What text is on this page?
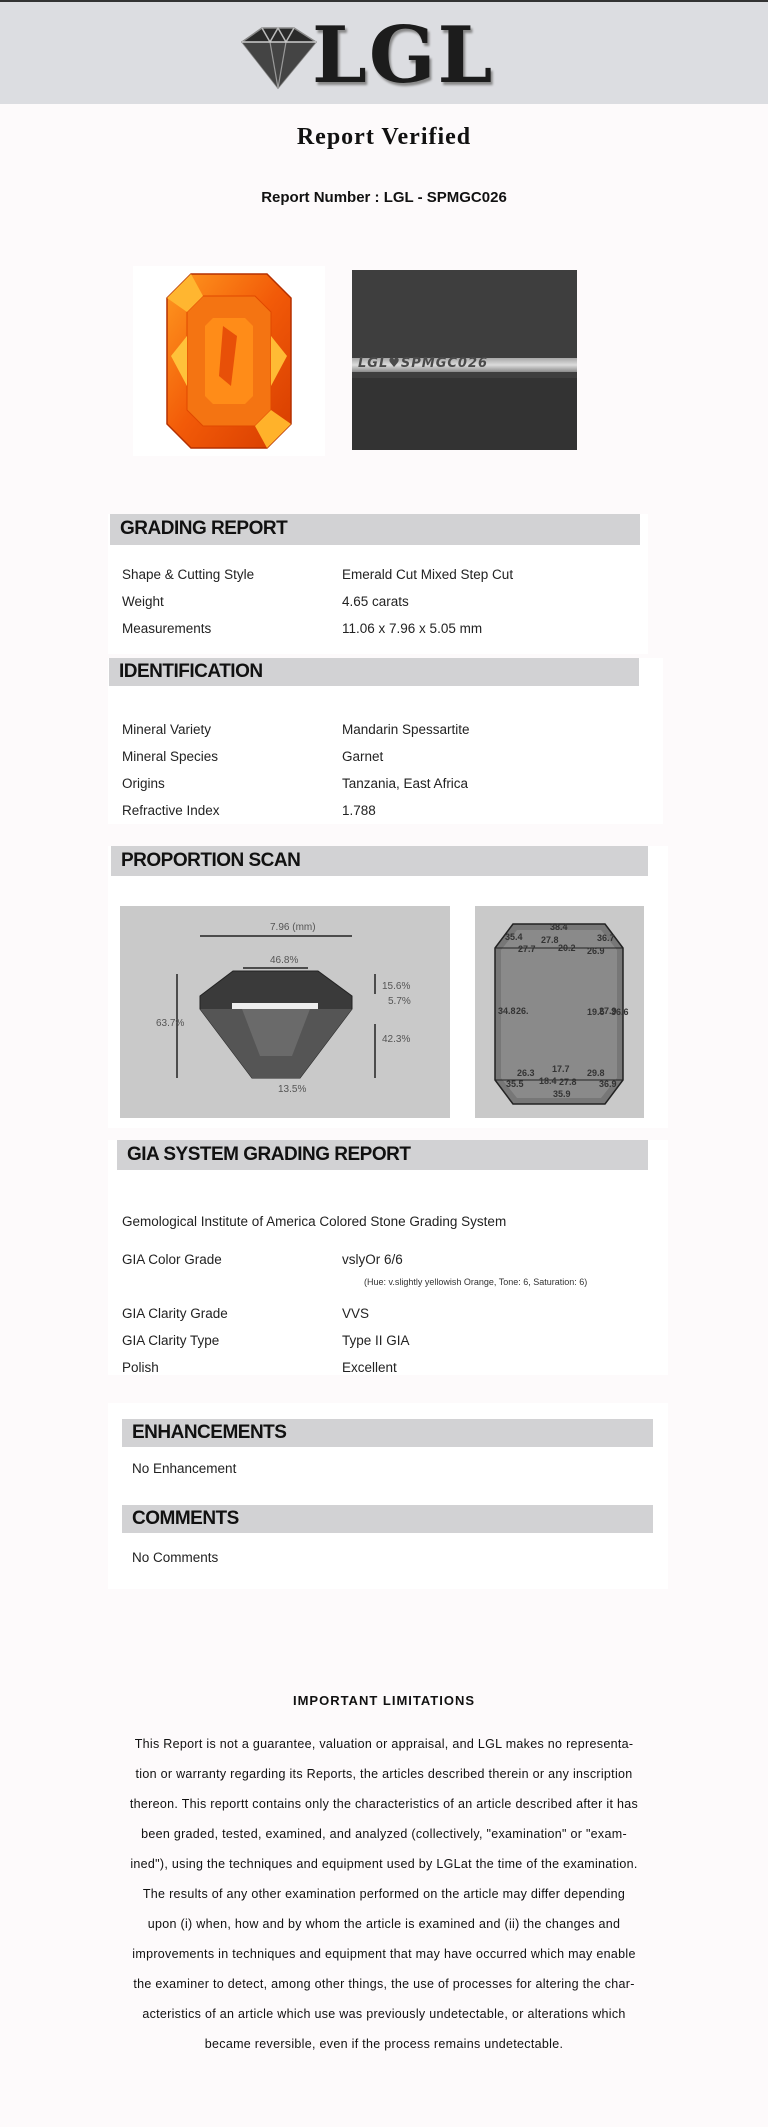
LGL
Report Verified
Report Number : LGL - SPMGC026
LGL♥SPMGC026
GRADING REPORT
Shape & Cutting Style	Emerald Cut Mixed Step Cut
Weight	4.65 carats
Measurements	11.06 x 7.96 x 5.05 mm
IDENTIFICATION
Mineral Variety	Mandarin Spessartite
Mineral Species	Garnet
Origins	Tanzania, East Africa
Refractive Index	1.788
PROPORTION SCAN
7.96 (mm)
46.8%
63.7%
15.6%
5.7%
42.3%
13.5%
38.4
35.4 27.8	36.7
27.7 20.2 26.9
34.8 26.	19.5
27.9
36.6
26.3 17.7 29.8
35.5 18.4 27.8 36.9
35.9
GIA SYSTEM GRADING REPORT
Gemological Institute of America Colored Stone Grading System
GIA Color Grade	vslyOr 6/6
(Hue: v.slightly yellowish Orange, Tone: 6, Saturation: 6)
GIA Clarity Grade	VVS
GIA Clarity Type	Type II GIA
Polish	Excellent
ENHANCEMENTS
No Enhancement
COMMENTS
No Comments
IMPORTANT LIMITATIONS
This Report is not a guarantee, valuation or appraisal, and LGL makes no representa-
tion or warranty regarding its Reports, the articles described therein or any inscription
thereon. This reportt contains only the characteristics of an article described after it has
been graded, tested, examined, and analyzed (collectively, "examination" or "exam-
ined"), using the techniques and equipment used by LGLat the time of the examination.
The results of any other examination performed on the article may differ depending
upon (i) when, how and by whom the article is examined and (ii) the changes and
improvements in techniques and equipment that may have occurred which may enable
the examiner to detect, among other things, the use of processes for altering the char-
acteristics of an article which use was previously undetectable, or alterations which
became reversible, even if the process remains undetectable.
